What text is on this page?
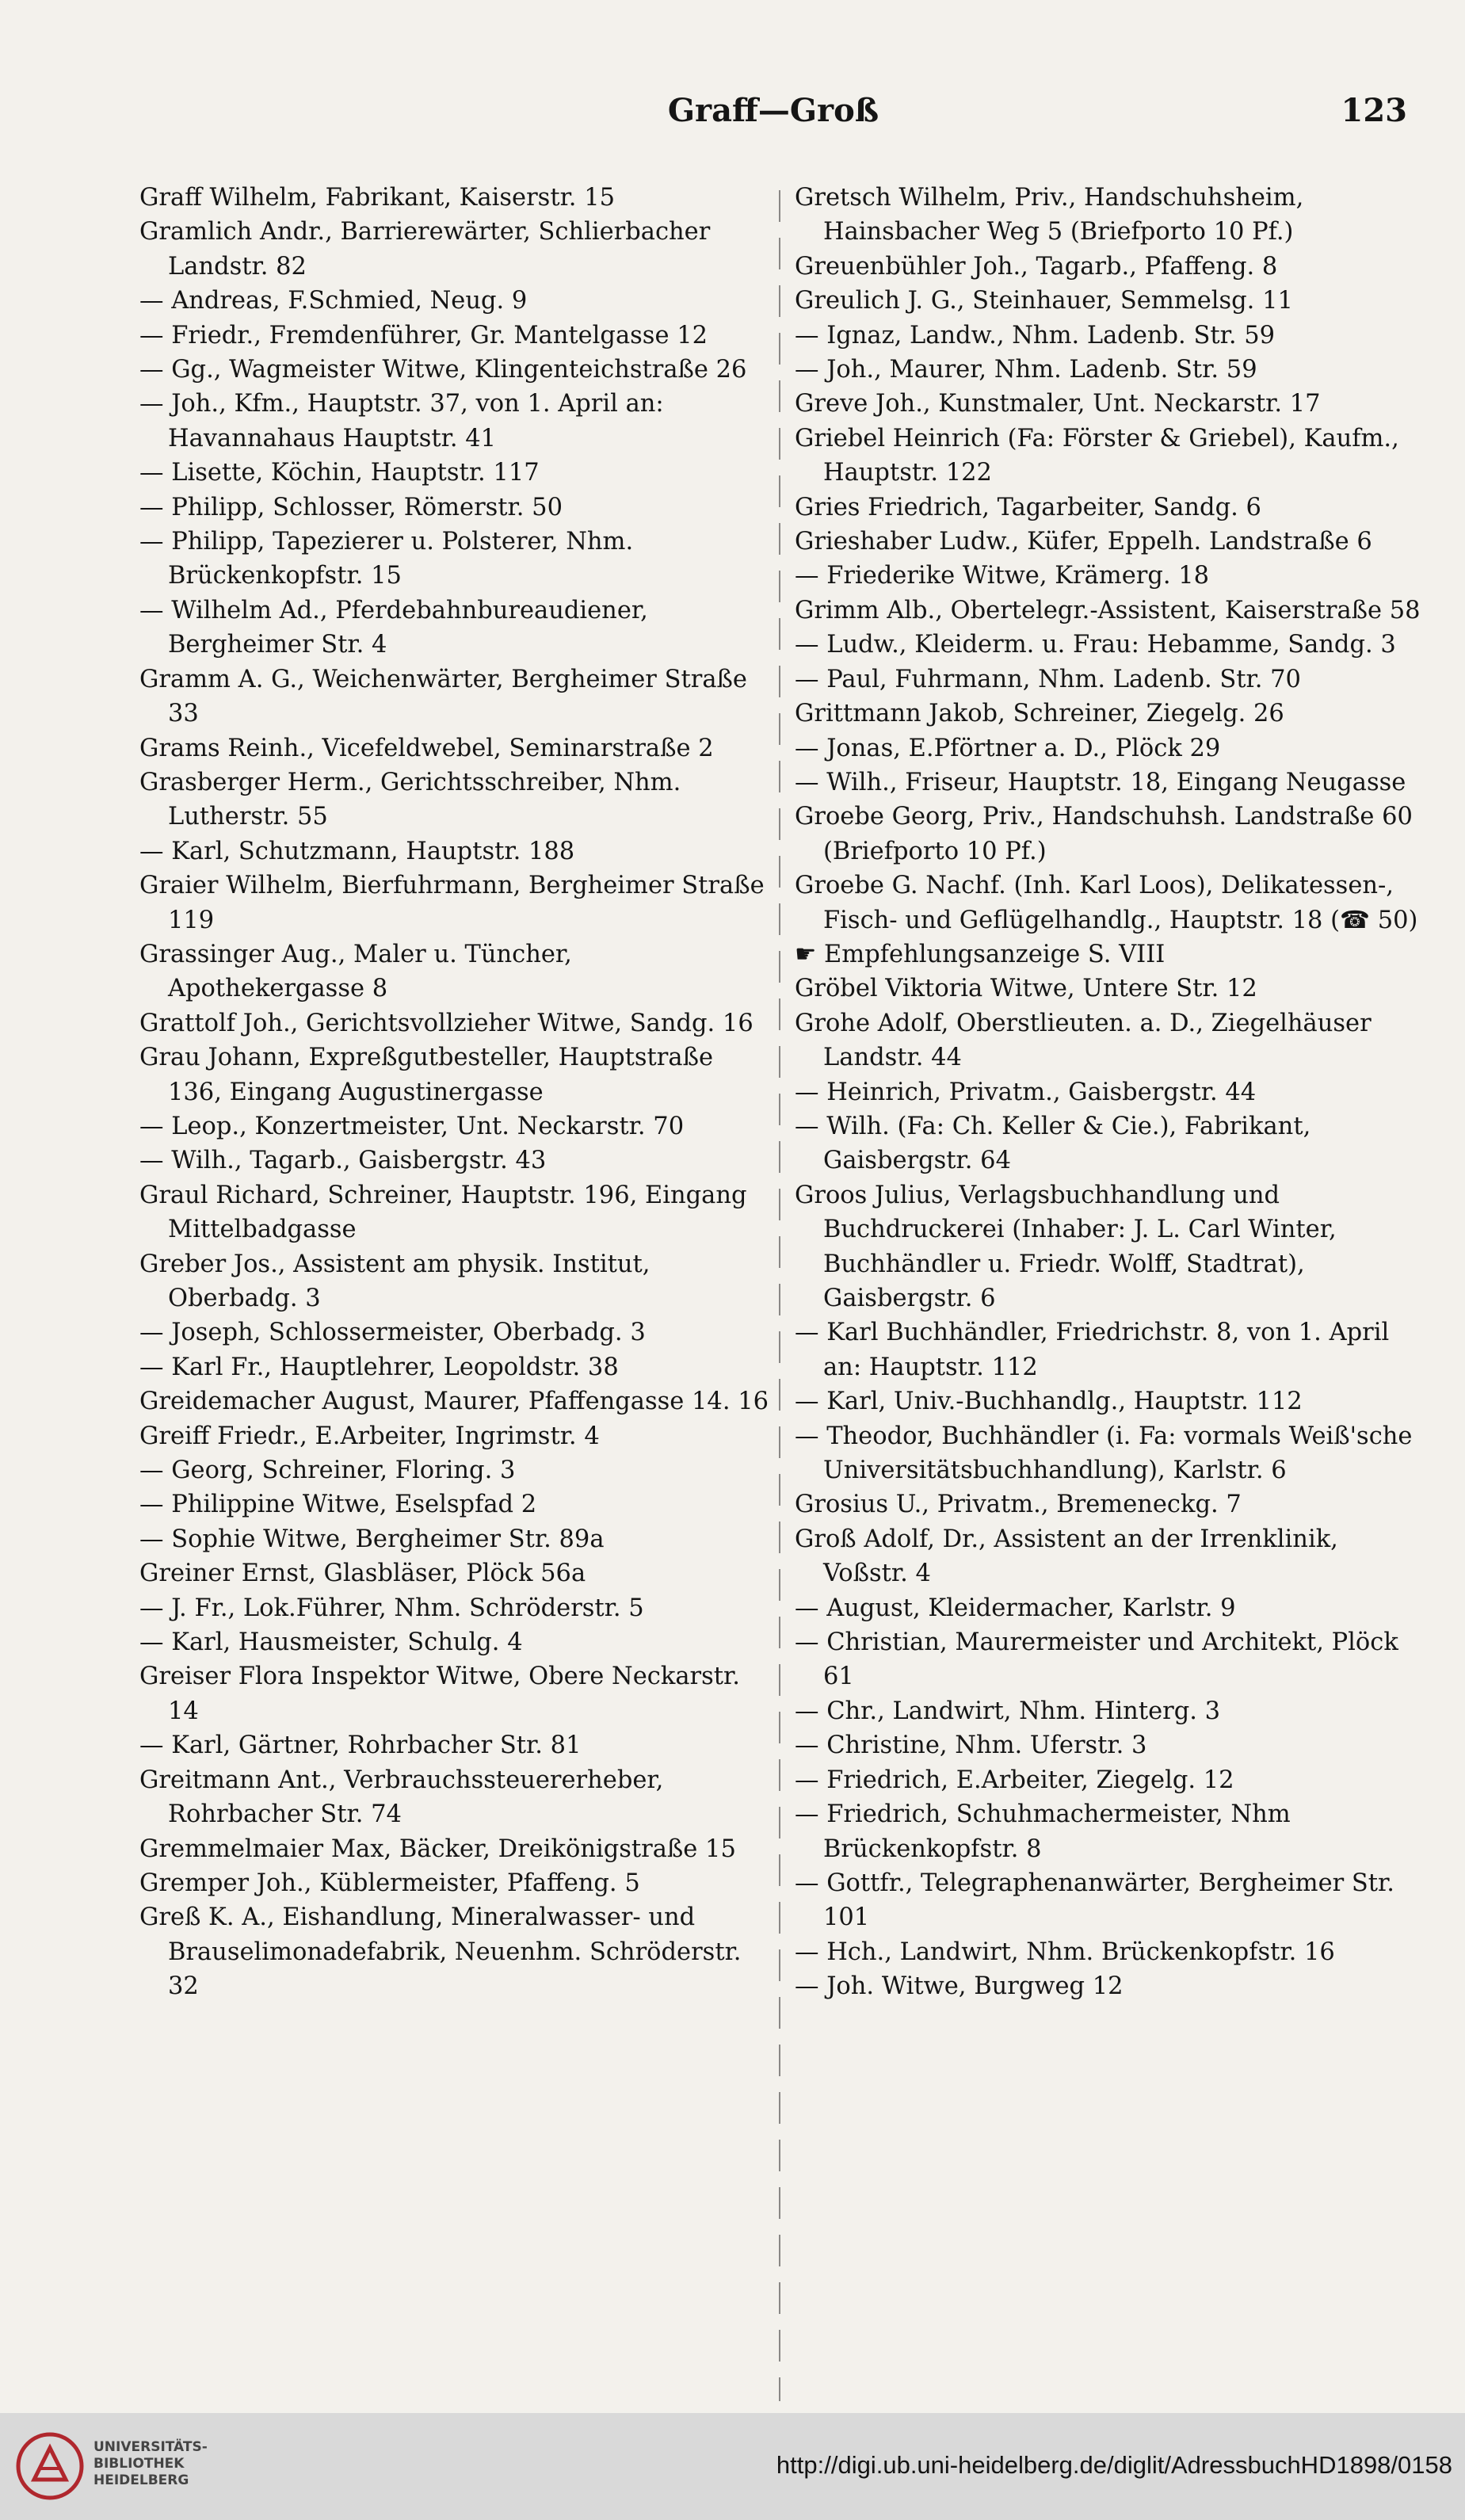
Graff—Groß	123

Graff Wilhelm, Fabrikant, Kaiserstr. 15

Gramlich Andr., Barrierewärter, Schlierbacher Landstr. 82

— Andreas, F.Schmied, Neug. 9

— Friedr., Fremdenführer, Gr. Mantelgasse 12

— Gg., Wagmeister Witwe, Klingenteichstraße 26

— Joh., Kfm., Hauptstr. 37, von 1. April an: Havannahaus Hauptstr. 41

— Lisette, Köchin, Hauptstr. 117

— Philipp, Schlosser, Römerstr. 50

— Philipp, Tapezierer u. Polsterer, Nhm. Brückenkopfstr. 15

— Wilhelm Ad., Pferdebahnbureaudiener, Bergheimer Str. 4

Gramm A. G., Weichenwärter, Bergheimer Straße 33

Grams Reinh., Vicefeldwebel, Seminarstraße 2

Grasberger Herm., Gerichtsschreiber, Nhm. Lutherstr. 55

— Karl, Schutzmann, Hauptstr. 188

Graier Wilhelm, Bierfuhrmann, Bergheimer Straße 119

Grassinger Aug., Maler u. Tüncher, Apothekergasse 8

Grattolf Joh., Gerichtsvollzieher Witwe, Sandg. 16

Grau Johann, Expreßgutbesteller, Hauptstraße 136, Eingang Augustinergasse

— Leop., Konzertmeister, Unt. Neckarstr. 70

— Wilh., Tagarb., Gaisbergstr. 43

Graul Richard, Schreiner, Hauptstr. 196, Eingang Mittelbadgasse

Greber Jos., Assistent am physik. Institut, Oberbadg. 3

— Joseph, Schlossermeister, Oberbadg. 3

— Karl Fr., Hauptlehrer, Leopoldstr. 38

Greidemacher August, Maurer, Pfaffengasse 14. 16

Greiff Friedr., E.Arbeiter, Ingrimstr. 4

— Georg, Schreiner, Floring. 3

— Philippine Witwe, Eselspfad 2

— Sophie Witwe, Bergheimer Str. 89a

Greiner Ernst, Glasbläser, Plöck 56a

— J. Fr., Lok.Führer, Nhm. Schröderstr. 5

— Karl, Hausmeister, Schulg. 4

Greiser Flora Inspektor Witwe, Obere Neckarstr. 14

— Karl, Gärtner, Rohrbacher Str. 81

Greitmann Ant., Verbrauchssteuererheber, Rohrbacher Str. 74

Gremmelmaier Max, Bäcker, Dreikönigstraße 15

Gremper Joh., Küblermeister, Pfaffeng. 5

Greß K. A., Eishandlung, Mineralwasser- und Brauselimonadefabrik, Neuenhm. Schröderstr. 32

Gretsch Wilhelm, Priv., Handschuhsheim, Hainsbacher Weg 5 (Briefporto 10 Pf.)

Greuenbühler Joh., Tagarb., Pfaffeng. 8

Greulich J. G., Steinhauer, Semmelsg. 11

— Ignaz, Landw., Nhm. Ladenb. Str. 59

— Joh., Maurer, Nhm. Ladenb. Str. 59

Greve Joh., Kunstmaler, Unt. Neckarstr. 17

Griebel Heinrich (Fa: Förster & Griebel), Kaufm., Hauptstr. 122

Gries Friedrich, Tagarbeiter, Sandg. 6

Grieshaber Ludw., Küfer, Eppelh. Landstraße 6

— Friederike Witwe, Krämerg. 18

Grimm Alb., Obertelegr.-Assistent, Kaiserstraße 58

— Ludw., Kleiderm. u. Frau: Hebamme, Sandg. 3

— Paul, Fuhrmann, Nhm. Ladenb. Str. 70

Grittmann Jakob, Schreiner, Ziegelg. 26

— Jonas, E.Pförtner a. D., Plöck 29

— Wilh., Friseur, Hauptstr. 18, Eingang Neugasse

Groebe Georg, Priv., Handschuhsh. Landstraße 60 (Briefporto 10 Pf.)

Groebe G. Nachf. (Inh. Karl Loos), Delikatessen-, Fisch- und Geflügelhandlg., Hauptstr. 18 (☎ 50)

☛ Empfehlungsanzeige S. VIII

Gröbel Viktoria Witwe, Untere Str. 12

Grohe Adolf, Oberstlieuten. a. D., Ziegelhäuser Landstr. 44

— Heinrich, Privatm., Gaisbergstr. 44

— Wilh. (Fa: Ch. Keller & Cie.), Fabrikant, Gaisbergstr. 64

Groos Julius, Verlagsbuchhandlung und Buchdruckerei (Inhaber: J. L. Carl Winter, Buchhändler u. Friedr. Wolff, Stadtrat), Gaisbergstr. 6

— Karl Buchhändler, Friedrichstr. 8, von 1. April an: Hauptstr. 112

— Karl, Univ.-Buchhandlg., Hauptstr. 112

— Theodor, Buchhändler (i. Fa: vormals Weiß'sche Universitätsbuchhandlung), Karlstr. 6

Grosius U., Privatm., Bremeneckg. 7

Groß Adolf, Dr., Assistent an der Irrenklinik, Voßstr. 4

— August, Kleidermacher, Karlstr. 9

— Christian, Maurermeister und Architekt, Plöck 61

— Chr., Landwirt, Nhm. Hinterg. 3

— Christine, Nhm. Uferstr. 3

— Friedrich, E.Arbeiter, Ziegelg. 12

— Friedrich, Schuhmachermeister, Nhm Brückenkopfstr. 8

— Gottfr., Telegraphenanwärter, Bergheimer Str. 101

— Hch., Landwirt, Nhm. Brückenkopfstr. 16

— Joh. Witwe, Burgweg 12

UNIVERSITÄTS-
BIBLIOTHEK
HEIDELBERG
http://digi.ub.uni-heidelberg.de/diglit/AdressbuchHD1898/0158
